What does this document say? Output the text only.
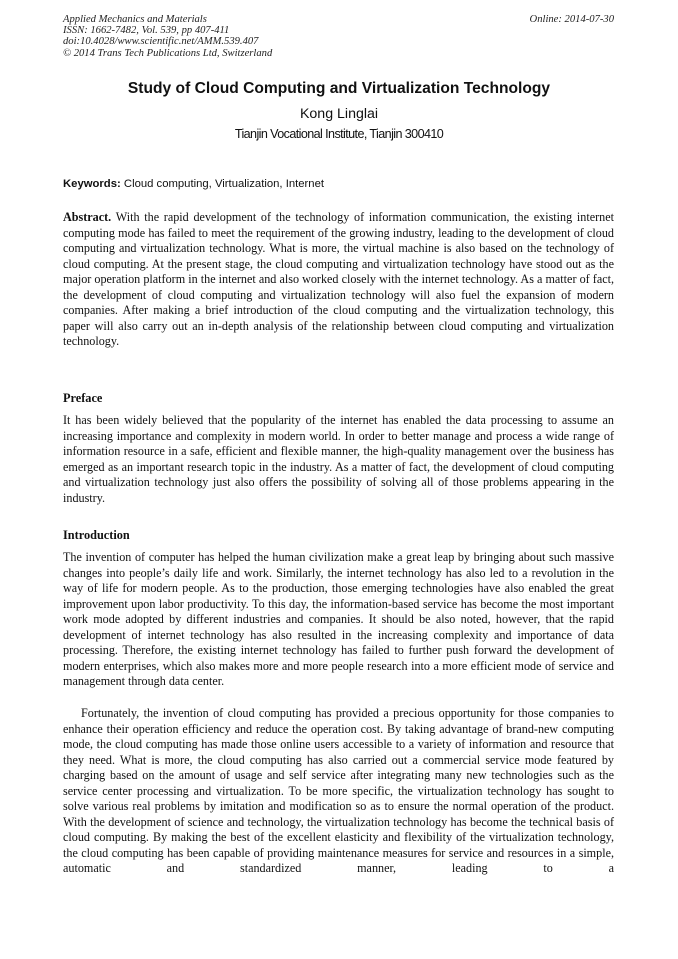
Applied Mechanics and Materials
ISSN: 1662-7482, Vol. 539, pp 407-411
doi:10.4028/www.scientific.net/AMM.539.407
© 2014 Trans Tech Publications Ltd, Switzerland
Online: 2014-07-30
Study of Cloud Computing and Virtualization Technology
Kong Linglai
Tianjin Vocational Institute, Tianjin 300410
Keywords: Cloud computing, Virtualization, Internet
Abstract. With the rapid development of the technology of information communication, the existing internet computing mode has failed to meet the requirement of the growing industry, leading to the development of cloud computing and virtualization technology. What is more, the virtual machine is also based on the technology of cloud computing. At the present stage, the cloud computing and virtualization technology have stood out as the major operation platform in the internet and also worked closely with the internet technology. As a matter of fact, the development of cloud computing and virtualization technology will also fuel the expansion of modern companies. After making a brief introduction of the cloud computing and the virtualization technology, this paper will also carry out an in-depth analysis of the relationship between cloud computing and virtualization technology.
Preface
It has been widely believed that the popularity of the internet has enabled the data processing to assume an increasing importance and complexity in modern world. In order to better manage and process a wide range of information resource in a safe, efficient and flexible manner, the high-quality management over the business has emerged as an important research topic in the industry. As a matter of fact, the development of cloud computing and virtualization technology just also offers the possibility of solving all of those problems appearing in the industry.
Introduction
The invention of computer has helped the human civilization make a great leap by bringing about such massive changes into people’s daily life and work. Similarly, the internet technology has also led to a revolution in the way of life for modern people. As to the production, those emerging technologies have also enabled the great improvement upon labor productivity. To this day, the information-based service has become the most important work mode adopted by different industries and companies. It should be also noted, however, that the rapid development of internet technology has also resulted in the increasing complexity and importance of data processing. Therefore, the existing internet technology has failed to further push forward the development of modern enterprises, which also makes more and more people research into a more efficient mode of service and management through data center.
Fortunately, the invention of cloud computing has provided a precious opportunity for those companies to enhance their operation efficiency and reduce the operation cost. By taking advantage of brand-new computing mode, the cloud computing has made those online users accessible to a variety of information and resource that they need. What is more, the cloud computing has also carried out a commercial service mode featured by charging based on the amount of usage and self service after integrating many new technologies such as the service center processing and virtualization. To be more specific, the virtualization technology has sought to solve various real problems by imitation and modification so as to ensure the normal operation of the product. With the development of science and technology, the virtualization technology has become the technical basis of cloud computing. By making the best of the excellent elasticity and flexibility of the virtualization technology, the cloud computing has been capable of providing maintenance measures for service and resources in a simple, automatic and standardized manner, leading to a
